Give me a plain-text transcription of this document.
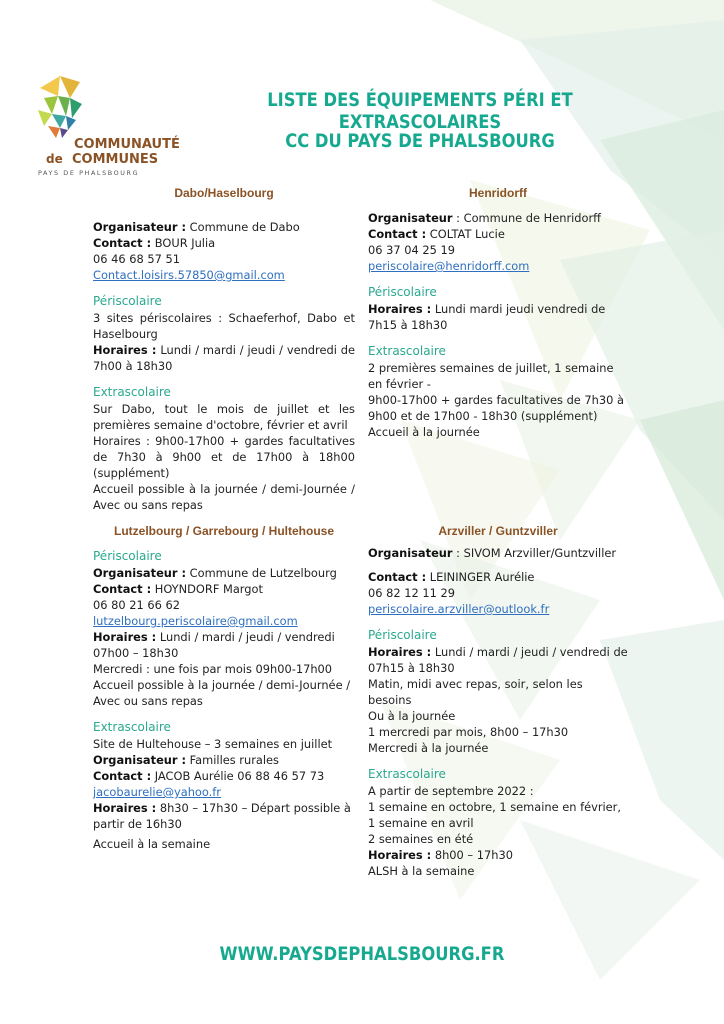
COMMUNAUTÉ
de COMMUNES
PAYS DE PHALSBOURG
LISTE DES ÉQUIPEMENTS PÉRI ET EXTRASCOLAIRES
CC DU PAYS DE PHALSBOURG
Dabo/Haselbourg

Organisateur : Commune de Dabo

Contact : BOUR Julia

06 46 68 57 51

Contact.loisirs.57850@gmail.com

Périscolaire

3 sites périscolaires : Schaeferhof, Dabo et Haselbourg

Horaires : Lundi / mardi / jeudi / vendredi de 7h00 à 18h30

Extrascolaire

Sur Dabo, tout le mois de juillet et les premières semaine d'octobre, février et avril

Horaires : 9h00-17h00 + gardes facultatives de 7h30 à 9h00 et de 17h00 à 18h00 (supplément)

Accueil possible à la journée / demi-Journée / Avec ou sans repas

Henridorff

Organisateur : Commune de Henridorff

Contact : COLTAT Lucie

06 37 04 25 19

periscolaire@henridorff.com

Périscolaire

Horaires : Lundi mardi jeudi vendredi de 7h15 à 18h30

Extrascolaire

2 premières semaines de juillet, 1 semaine en février -

9h00-17h00 + gardes facultatives de 7h30 à 9h00 et de 17h00 - 18h30 (supplément)

Accueil à la journée

Lutzelbourg / Garrebourg / Hultehouse

Périscolaire

Organisateur : Commune de Lutzelbourg

Contact : HOYNDORF Margot

06 80 21 66 62

lutzelbourg.periscolaire@gmail.com

Horaires : Lundi / mardi / jeudi / vendredi

07h00 – 18h30

Mercredi : une fois par mois 09h00-17h00

Accueil possible à la journée / demi-Journée / Avec ou sans repas

Extrascolaire

Site de Hultehouse – 3 semaines en juillet

Organisateur : Familles rurales

Contact : JACOB Aurélie 06 88 46 57 73

jacobaurelie@yahoo.fr

Horaires : 8h30 – 17h30 – Départ possible à partir de 16h30

Accueil à la semaine

Arzviller / Guntzviller

Organisateur : SIVOM Arzviller/Guntzviller

Contact : LEININGER Aurélie

06 82 12 11 29

periscolaire.arzviller@outlook.fr

Périscolaire

Horaires : Lundi / mardi / jeudi / vendredi de 07h15 à 18h30

Matin, midi avec repas, soir, selon les besoins

Ou à la journée

1 mercredi par mois, 8h00 – 17h30

Mercredi à la journée

Extrascolaire

A partir de septembre 2022 :

1 semaine en octobre, 1 semaine en février, 1 semaine en avril

2 semaines en été

Horaires : 8h00 – 17h30

ALSH à la semaine

WWW.PAYSDEPHALSBOURG.FR
